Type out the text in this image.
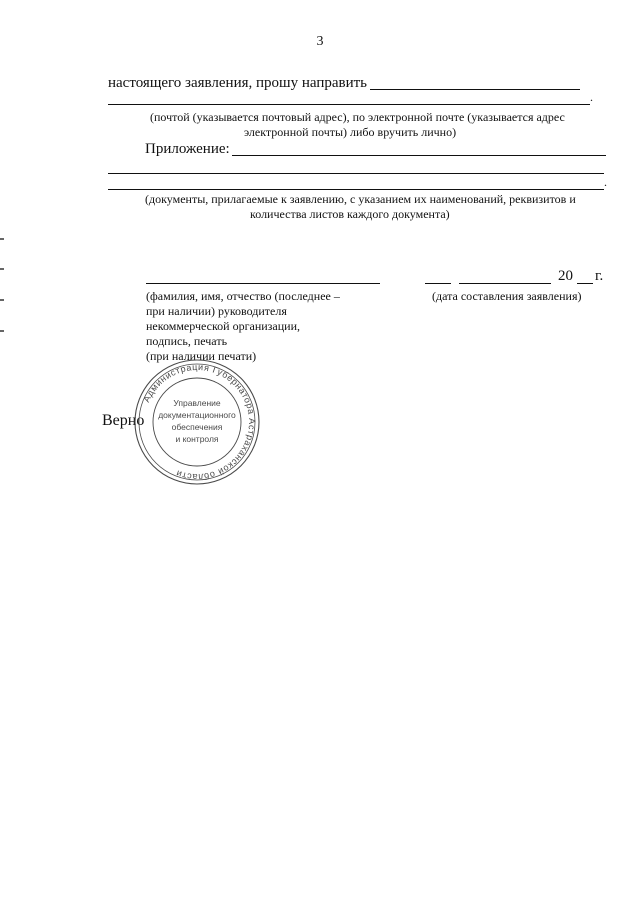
3
настоящего заявления, прошу направить
.
(почтой (указывается почтовый адрес), по электронной почте (указывается адрес
электронной почты) либо вручить лично)
Приложение:
.
(документы, прилагаемые к заявлению, с указанием их наименований, реквизитов и
количества листов каждого документа)
20 г.
(фамилия, имя, отчество (последнее –
при наличии) руководителя
некоммерческой организации,
подпись, печать
(при наличии печати)
(дата составления заявления)
Верно
Администрация Губернатора Астраханской области
Управление
документационного
обеспечения
и контроля
